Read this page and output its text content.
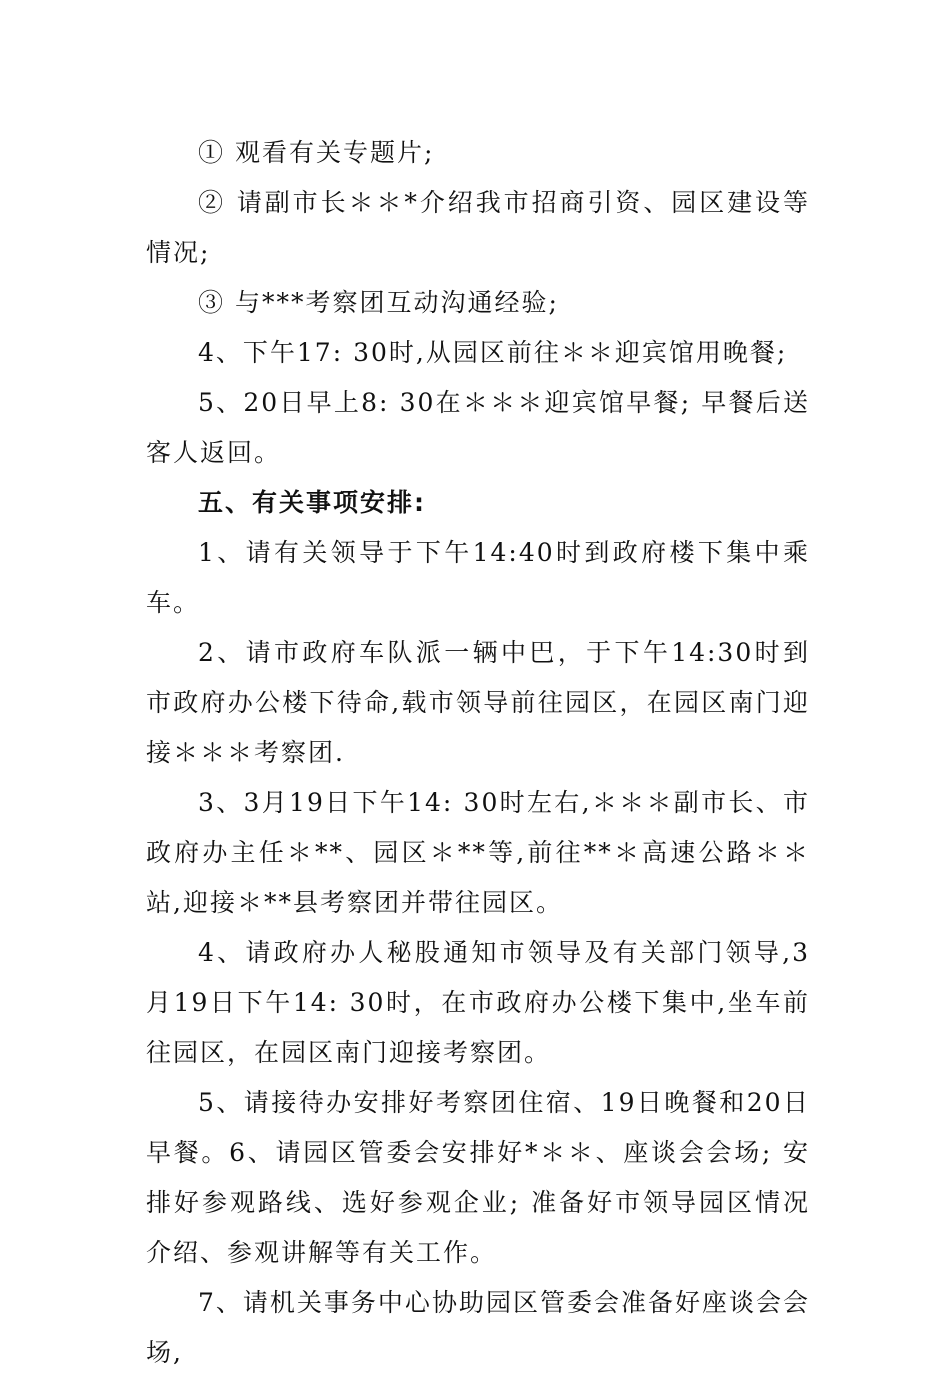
① 观看有关专题片;

② 请副市长＊＊*介绍我市招商引资、园区建设等情况;

③ 与***考察团互动沟通经验;

4、下午17: 30时,从园区前往＊＊迎宾馆用晚餐;

5、20日早上8: 30在＊＊＊迎宾馆早餐; 早餐后送客人返回。

五、有关事项安排:

1、请有关领导于下午14:40时到政府楼下集中乘车。

2、请市政府车队派一辆中巴，于下午14:30时到市政府办公楼下待命,载市领导前往园区，在园区南门迎接＊＊＊考察团.

3、3月19日下午14: 30时左右,＊＊＊副市长、市政府办主任＊**、园区＊**等,前往**＊高速公路＊＊站,迎接＊**县考察团并带往园区。

4、请政府办人秘股通知市领导及有关部门领导,3月19日下午14: 30时，在市政府办公楼下集中,坐车前往园区，在园区南门迎接考察团。

5、请接待办安排好考察团住宿、19日晚餐和20日早餐。6、请园区管委会安排好*＊＊、座谈会会场; 安排好参观路线、选好参观企业; 准备好市领导园区情况介绍、参观讲解等有关工作。

7、请机关事务中心协助园区管委会准备好座谈会会场,
